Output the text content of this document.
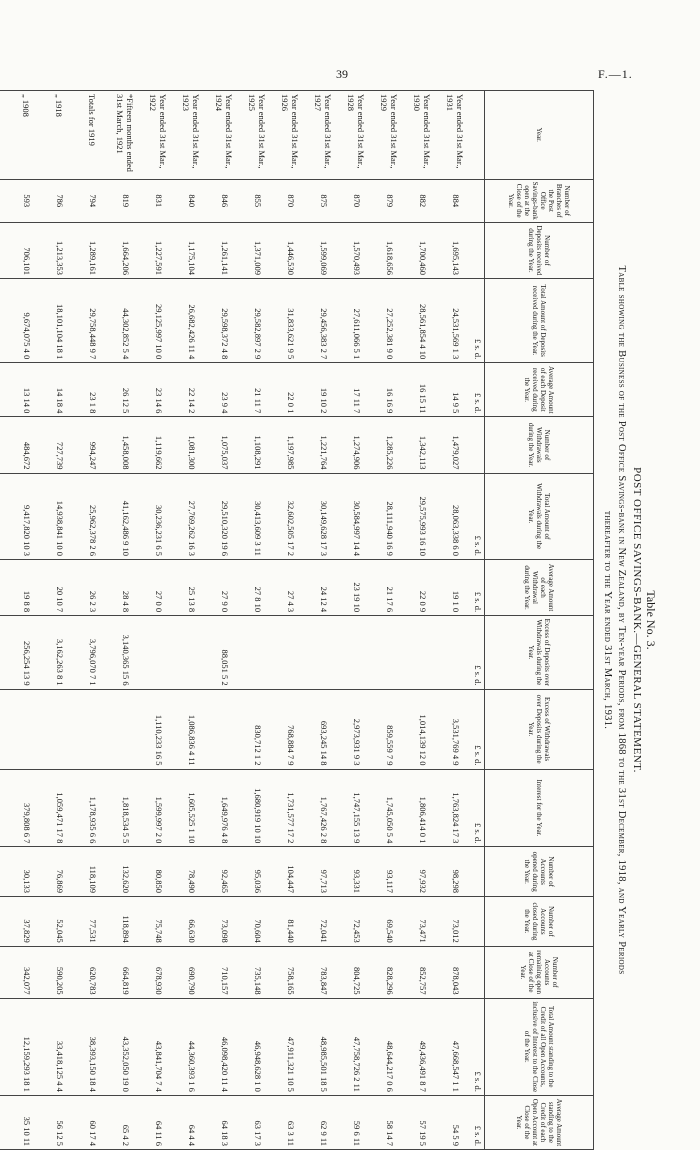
39	F.—1.
Table No. 3.
POST OFFICE SAVINGS-BANK.—GENERAL STATEMENT.
Table showing the Business of the Post Office Savings-bank in New Zealand, by Ten-year Periods, from 1868 to the 31st December, 1918, and Yearly Periods
thereafter to the Year ended 31st March, 1931.
Year.	Number of Branches of the Post Office Savings-bank open at the Close of the Year.	Number of Deposits received during the Year.	Total Amount of Deposits received during the Year.	Average Amount of each Deposit received during the Year.	Number of Withdrawals during the Year.	Total Amount of Withdrawals during the Year.	Average Amount of each Withdrawal during the Year.	Excess of Deposits over Withdrawals during the Year.	Excess of Withdrawals over Deposits during the Year.	Interest for the Year.	Number of Accounts opened during the Year.	Number of Accounts closed during the Year.	Number of Accounts remaining open at Close of the Year.	Total Amount standing to the Credit of all Open Accounts, inclusive of Interest to the Close of the Year.	Average Amount standing to the Credit of each Open Account at Close of the Year.
			£ s. d.	£ s. d.		£ s. d.	£ s. d.	£ s. d.	£ s. d.	£ s. d.				£ s. d.	£ s. d.
Year ended 31st Mar., 1931	884	1,695,143	24,531,569 1 3	14 9 5	1,479,027	28,063,338 6 0	19 1 0		3,531,769 4 9	1,763,824 17 3	98,298	73,012	878,043	47,668,547 1 1	54 5 9
Year ended 31st Mar., 1930	882	1,700,460	28,561,854 4 10	16 15 11	1,342,113	29,575,993 16 10	22 0 9		1,014,139 12 0	1,806,414 0 1	97,932	73,471	852,757	49,436,491 8 7	57 19 5
Year ended 31st Mar., 1929	879	1,618,656	27,252,381 9 0	16 16 9	1,285,226	28,111,940 16 9	21 17 6		859,559 7 9	1,745,050 5 4	93,117	69,540	828,296	48,644,217 0 6	58 14 7
Year ended 31st Mar., 1928	870	1,570,493	27,611,066 5 1	17 11 7	1,274,906	30,584,997 14 4	23 19 10		2,973,931 9 3	1,747,155 13 9	93,331	72,453	804,725	47,758,726 2 11	59 6 11
Year ended 31st Mar., 1927	875	1,599,069	29,456,383 2 7	19 10 2	1,221,764	30,149,628 17 3	24 12 4		693,245 14 8	1,767,426 2 8	97,713	72,041	783,847	48,985,501 18 5	62 9 11
Year ended 31st Mar., 1926	870	1,446,530	31,833,621 9 5	22 0 1	1,197,985	32,602,505 17 2	27 4 3		768,884 7 9	1,731,577 17 2	104,447	81,440	758,165	47,911,321 10 5	63 3 11
Year ended 31st Mar., 1925	855	1,371,009	29,582,897 2 9	21 11 7	1,108,291	30,413,609 3 11	27 8 10		830,712 1 2	1,680,919 10 10	95,036	70,604	735,148	46,948,628 1 0	63 17 3
Year ended 31st Mar., 1924	846	1,261,141	29,598,372 4 8	23 9 4	1,075,037	29,510,320 19 6	27 9 0	88,051 5 2		1,649,976 4 8	92,465	73,098	710,157	46,098,420 11 4	64 18 3
Year ended 31st Mar., 1923	840	1,175,104	26,682,426 11 4	22 14 2	1,081,300	27,769,262 16 3	25 13 8		1,086,836 4 11	1,605,525 1 10	78,490	66,630	690,790	44,360,393 1 6	64 4 4
Year ended 31st Mar., 1922	831	1,227,591	29,125,997 10 0	23 14 6	1,119,662	30,236,231 6 5	27 0 0		1,110,233 16 5	1,599,997 2 0	80,850	75,748	678,930	43,841,704 7 4	64 11 6
*Fifteen months ended 31st March, 1921	819	1,664,206	44,302,852 5 4	26 12 5	1,458,008	41,162,486 9 10	28 4 8	3,140,365 15 6		1,818,534 5 5	132,620	118,894	664,819	43,352,050 19 0	65 4 2
Totals for 1919	794	1,289,161	29,758,448 9 7	23 1 8	994,247	25,962,378 2 6	26 2 3	3,796,070 7 1		1,178,935 6 6	118,109	77,531	620,783	38,393,150 18 4	60 17 4
„ 1918	786	1,213,353	18,101,104 18 1	14 18 4	727,739	14,938,841 10 0	20 10 7	3,162,263 8 1		1,059,471 17 8	76,869	52,045	590,205	33,418,125 4 4	56 12 5
„ 1908	593	706,101	9,674,075 4 0	13 14 0	484,672	9,417,820 10 3	19 8 8	256,254 13 9		379,808 6 7	30,133	37,829	342,077	12,159,293 18 1	35 10 11
